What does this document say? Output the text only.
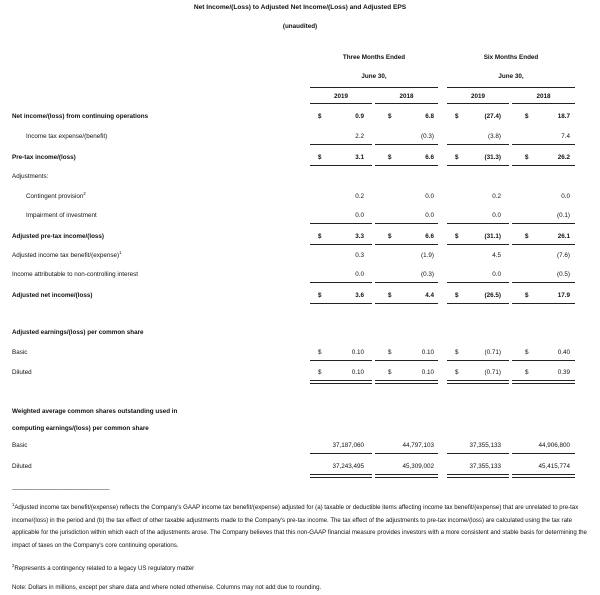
Net Income/(Loss) to Adjusted Net Income/(Loss) and Adjusted EPS
(unaudited)
Three Months Ended
June 30,
Six Months Ended
June 30,
2019	2018	2019	2018
Net income/(loss) from continuing operations	$	0.9	$	6.8	$	(27.4)	$	18.7
Income tax expense/(benefit)	2.2	(0.3)	(3.8)	7.4
Pre-tax income/(loss)	$	3.1	$	6.6	$	(31.3)	$	26.2
Adjustments:
Contingent provision$^2$	0.2	0.0	0.2	0.0
Impairment of investment	0.0	0.0	0.0	(0.1)
Adjusted pre-tax income/(loss)	$	3.3	$	6.6	$	(31.1)	$	26.1
Adjusted income tax benefit/(expense)$^1$	0.3	(1.9)	4.5	(7.6)
Income attributable to non-controlling interest	0.0	(0.3)	0.0	(0.5)
Adjusted net income/(loss)	$	3.6	$	4.4	$	(26.5)	$	17.9
Adjusted earnings/(loss) per common share
Basic	$	0.10	$	0.10	$	(0.71)	$	0.40
Diluted	$	0.10	$	0.10	$	(0.71)	$	0.39
Weighted average common shares outstanding used in
computing earnings/(loss) per common share
Basic	37,187,060	44,797,103	37,355,133	44,906,800
Diluted	37,243,495	45,309,002	37,355,133	45,415,774
_______________________________
$^1$Adjusted income tax benefit/(expense) reflects the Company's GAAP income tax benefit/(expense) adjusted for (a) taxable or deductible items affecting income tax benefit/(expense) that are unrelated to pre-tax income/(loss) in the period and (b) the tax effect of other taxable adjustments made to the Company's pre-tax income. The tax effect of the adjustments to pre-tax income/(loss) are calculated using the tax rate applicable for the jurisdiction within which each of the adjustments arose. The Company believes that this non-GAAP financial measure provides investors with a more consistent and stable basis for determining the impact of taxes on the Company's core continuing operations.
$^2$Represents a contingency related to a legacy US regulatory matter
Note: Dollars in millions, except per share data and where noted otherwise. Columns may not add due to rounding.
